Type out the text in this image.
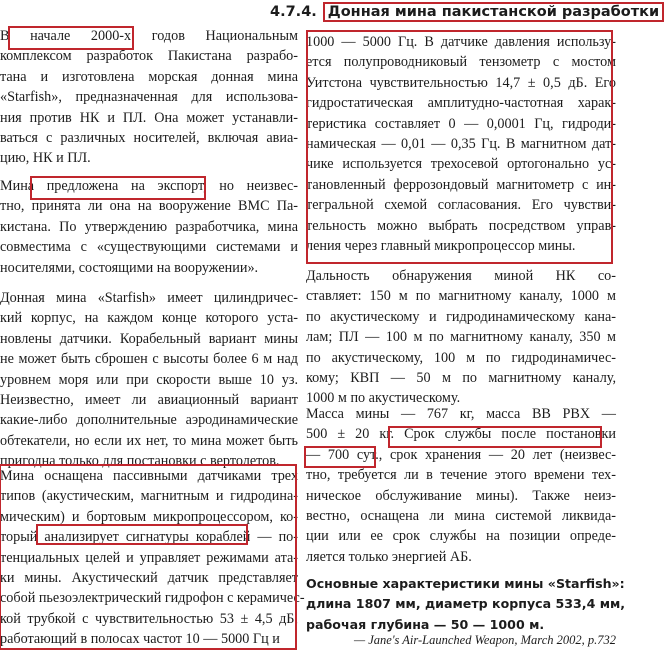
4.7.4. Донная мина пакистанской разработки
В начале 2000-х годов Национальным
комплексом разработок Пакистана разрабо-
тана и изготовлена морская донная мина
«Starfish», предназначенная для использова-
ния против НК и ПЛ. Она может устанавли-
ваться с различных носителей, включая авиа-
цию, НК и ПЛ.
Мина предложена на экспорт, но неизвес-
тно, принята ли она на вооружение ВМС Па-
кистана. По утверждению разработчика, мина
совместима с «существующими системами и
носителями, состоящими на вооружении».
Донная мина «Starfish» имеет цилиндричес-
кий корпус, на каждом конце которого уста-
новлены датчики. Корабельный вариант мины
не может быть сброшен с высоты более 6 м над
уровнем моря или при скорости выше 10 уз.
Неизвестно, имеет ли авиационный вариант
какие-либо дополнительные аэродинамические
обтекатели, но если их нет, то мина может быть
пригодна только для постановки с вертолетов.
Мина оснащена пассивными датчиками трех
типов (акустическим, магнитным и гидродина-
мическим) и бортовым микропроцессором, ко-
торый анализирует сигнатуры кораблей — по-
тенциальных целей и управляет режимами ата-
ки мины. Акустический датчик представляет
собой пьезоэлектрический гидрофон с керамичес-
кой трубкой с чувствительностью 53 ± 4,5 дБ,
работающий в полосах частот 10 — 5000 Гц и
1000 — 5000 Гц. В датчике давления использу-
ется полупроводниковый тензометр с мостом
Уитстона чувствительностью 14,7 ± 0,5 дБ. Его
гидростатическая амплитудно-частотная харак-
теристика составляет 0 — 0,0001 Гц, гидроди-
намическая — 0,01 — 0,35 Гц. В магнитном дат-
чике используется трехосевой ортогонально ус-
тановленный феррозондовый магнитометр с ин-
тегральной схемой согласования. Его чувстви-
тельность можно выбрать посредством управ-
ления через главный микропроцессор мины.
Дальность обнаружения миной НК со-
ставляет: 150 м по магнитному каналу, 1000 м
по акустическому и гидродинамическому кана-
лам; ПЛ — 100 м по магнитному каналу, 350 м
по акустическому, 100 м по гидродинамичес-
кому; КВП — 50 м по магнитному каналу,
1000 м по акустическому.
Масса мины — 767 кг, масса ВВ PBX —
500 ± 20 кг. Срок службы после постановки
— 700 сут., срок хранения — 20 лет (неизвес-
тно, требуется ли в течение этого времени тех-
ническое обслуживание мины). Также неиз-
вестно, оснащена ли мина системой ликвида-
ции или ее срок службы на позиции опреде-
ляется только энергией АБ.
Основные характеристики мины «Starfish»:
длина 1807 мм, диаметр корпуса 533,4 мм,
рабочая глубина — 50 — 1000 м.
— Jane's Air-Launched Weapon, March 2002, p.732
